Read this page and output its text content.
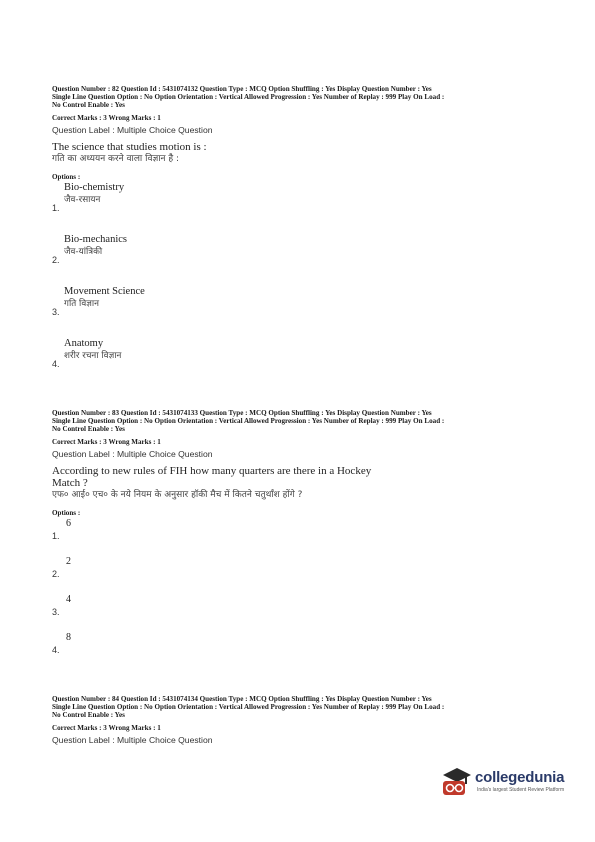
Question Number : 82 Question Id : 5431074132 Question Type : MCQ Option Shuffling : Yes Display Question Number : Yes

Single Line Question Option : No Option Orientation : Vertical Allowed Progression : Yes Number of Replay : 999 Play On Load :

No Control Enable : Yes

Correct Marks : 3 Wrong Marks : 1
Question Label : Multiple Choice Question
The science that studies motion is :
गति का अध्ययन करने वाला विज्ञान है :
Options :
1.
Bio-chemistry
जैव-रसायन
2.
Bio-mechanics
जैव-यांत्रिकी
3.
Movement Science
गति विज्ञान
4.
Anatomy
शरीर रचना विज्ञान

Question Number : 83 Question Id : 5431074133 Question Type : MCQ Option Shuffling : Yes Display Question Number : Yes

Single Line Question Option : No Option Orientation : Vertical Allowed Progression : Yes Number of Replay : 999 Play On Load :

No Control Enable : Yes

Correct Marks : 3 Wrong Marks : 1
Question Label : Multiple Choice Question
According to new rules of FIH how many quarters are there in a Hockey
Match ?
एफ० आई० एच० के नये नियम के अनुसार हॉकी मैच में कितने चतुर्थांश होंगे ?
Options :
1.
6
2.
2
3.
4
4.
8

Question Number : 84 Question Id : 5431074134 Question Type : MCQ Option Shuffling : Yes Display Question Number : Yes

Single Line Question Option : No Option Orientation : Vertical Allowed Progression : Yes Number of Replay : 999 Play On Load :

No Control Enable : Yes

Correct Marks : 3 Wrong Marks : 1
Question Label : Multiple Choice Question
collegedunia
India's largest Student Review Platform
